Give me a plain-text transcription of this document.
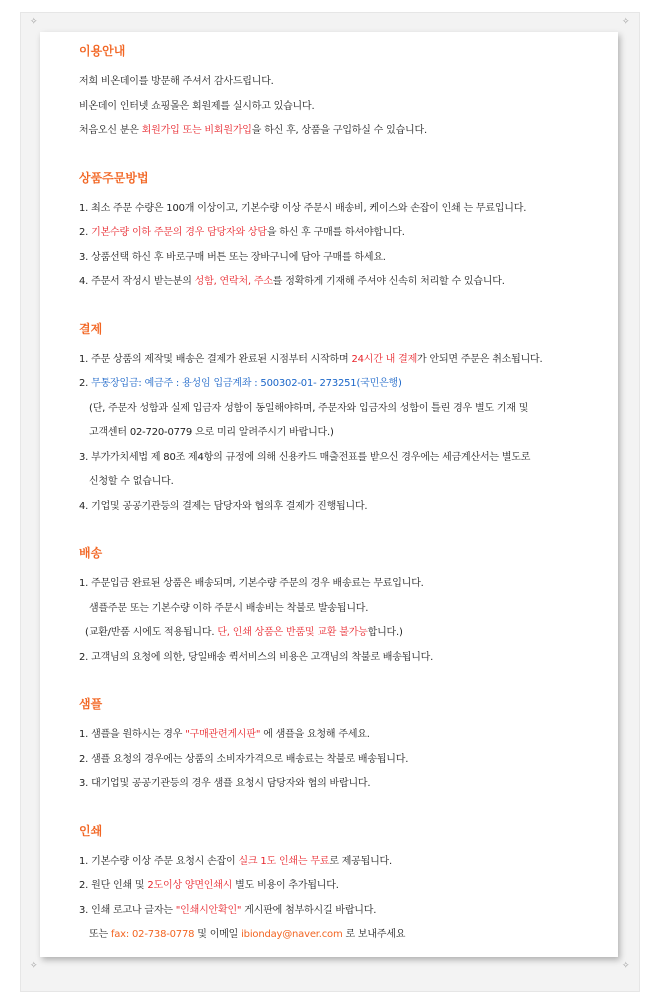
✧	✧
✧	✧
이용안내
저희 비온데이를 방문해 주셔서 감사드립니다.
비온데이 인터넷 쇼핑몰은 회원제를 실시하고 있습니다.
처음오신 분은 회원가입 또는 비회원가입을 하신 후, 상품을 구입하실 수 있습니다.
상품주문방법
1. 최소 주문 수량은 100개 이상이고, 기본수량 이상 주문시 배송비, 케이스와 손잡이 인쇄 는 무료입니다.
2. 기본수량 이하 주문의 경우 담당자와 상담을 하신 후 구매를 하셔야합니다.
3. 상품선택 하신 후 바로구매 버튼 또는 장바구니에 담아 구매를 하세요.
4. 주문서 작성시 받는분의 성함, 연락처, 주소를 정확하게 기재해 주셔야 신속히 처리할 수 있습니다.
결제
1. 주문 상품의 제작및 배송은 결제가 완료된 시점부터 시작하며 24시간 내 결제가 안되면 주문은 취소됩니다.
2. 무통장입금: 예금주 : 용성임 입금계좌 : 500302-01- 273251(국민은행)
(단, 주문자 성함과 실제 입금자 성함이 동일해야하며, 주문자와 입금자의 성함이 틀린 경우 별도 기재 및
고객센터 02-720-0779 으로 미리 알려주시기 바랍니다.)
3. 부가가치세법 제 80조 제4항의 규정에 의해 신용카드 매출전표를 받으신 경우에는 세금계산서는 별도로
신청할 수 없습니다.
4. 기업및 공공기관등의 결제는 담당자와 협의후 결제가 진행됩니다.
배송
1. 주문입금 완료된 상품은 배송되며, 기본수량 주문의 경우 배송료는 무료입니다.
샘플주문 또는 기본수량 이하 주문시 배송비는 착불로 발송됩니다.
(교환/반품 시에도 적용됩니다. 단, 인쇄 상품은 반품및 교환 불가능합니다.)
2. 고객님의 요청에 의한, 당일배송 퀵서비스의 비용은 고객님의 착불로 배송됩니다.
샘플
1. 샘플을 원하시는 경우 "구매관련게시판" 에 샘플을 요청해 주세요.
2. 샘플 요청의 경우에는 상품의 소비자가격으로 배송료는 착불로 배송됩니다.
3. 대기업및 공공기관등의 경우 샘플 요청시 담당자와 협의 바랍니다.
인쇄
1. 기본수량 이상 주문 요청시 손잡이 실크 1도 인쇄는 무료로 제공됩니다.
2. 원단 인쇄 및 2도이상 양면인쇄시 별도 비용이 추가됩니다.
3. 인쇄 로고나 글자는 "인쇄시안확인" 게시판에 첨부하시길 바랍니다.
또는 fax: 02-738-0778 및 이메일 ibionday@naver.com 로 보내주세요
